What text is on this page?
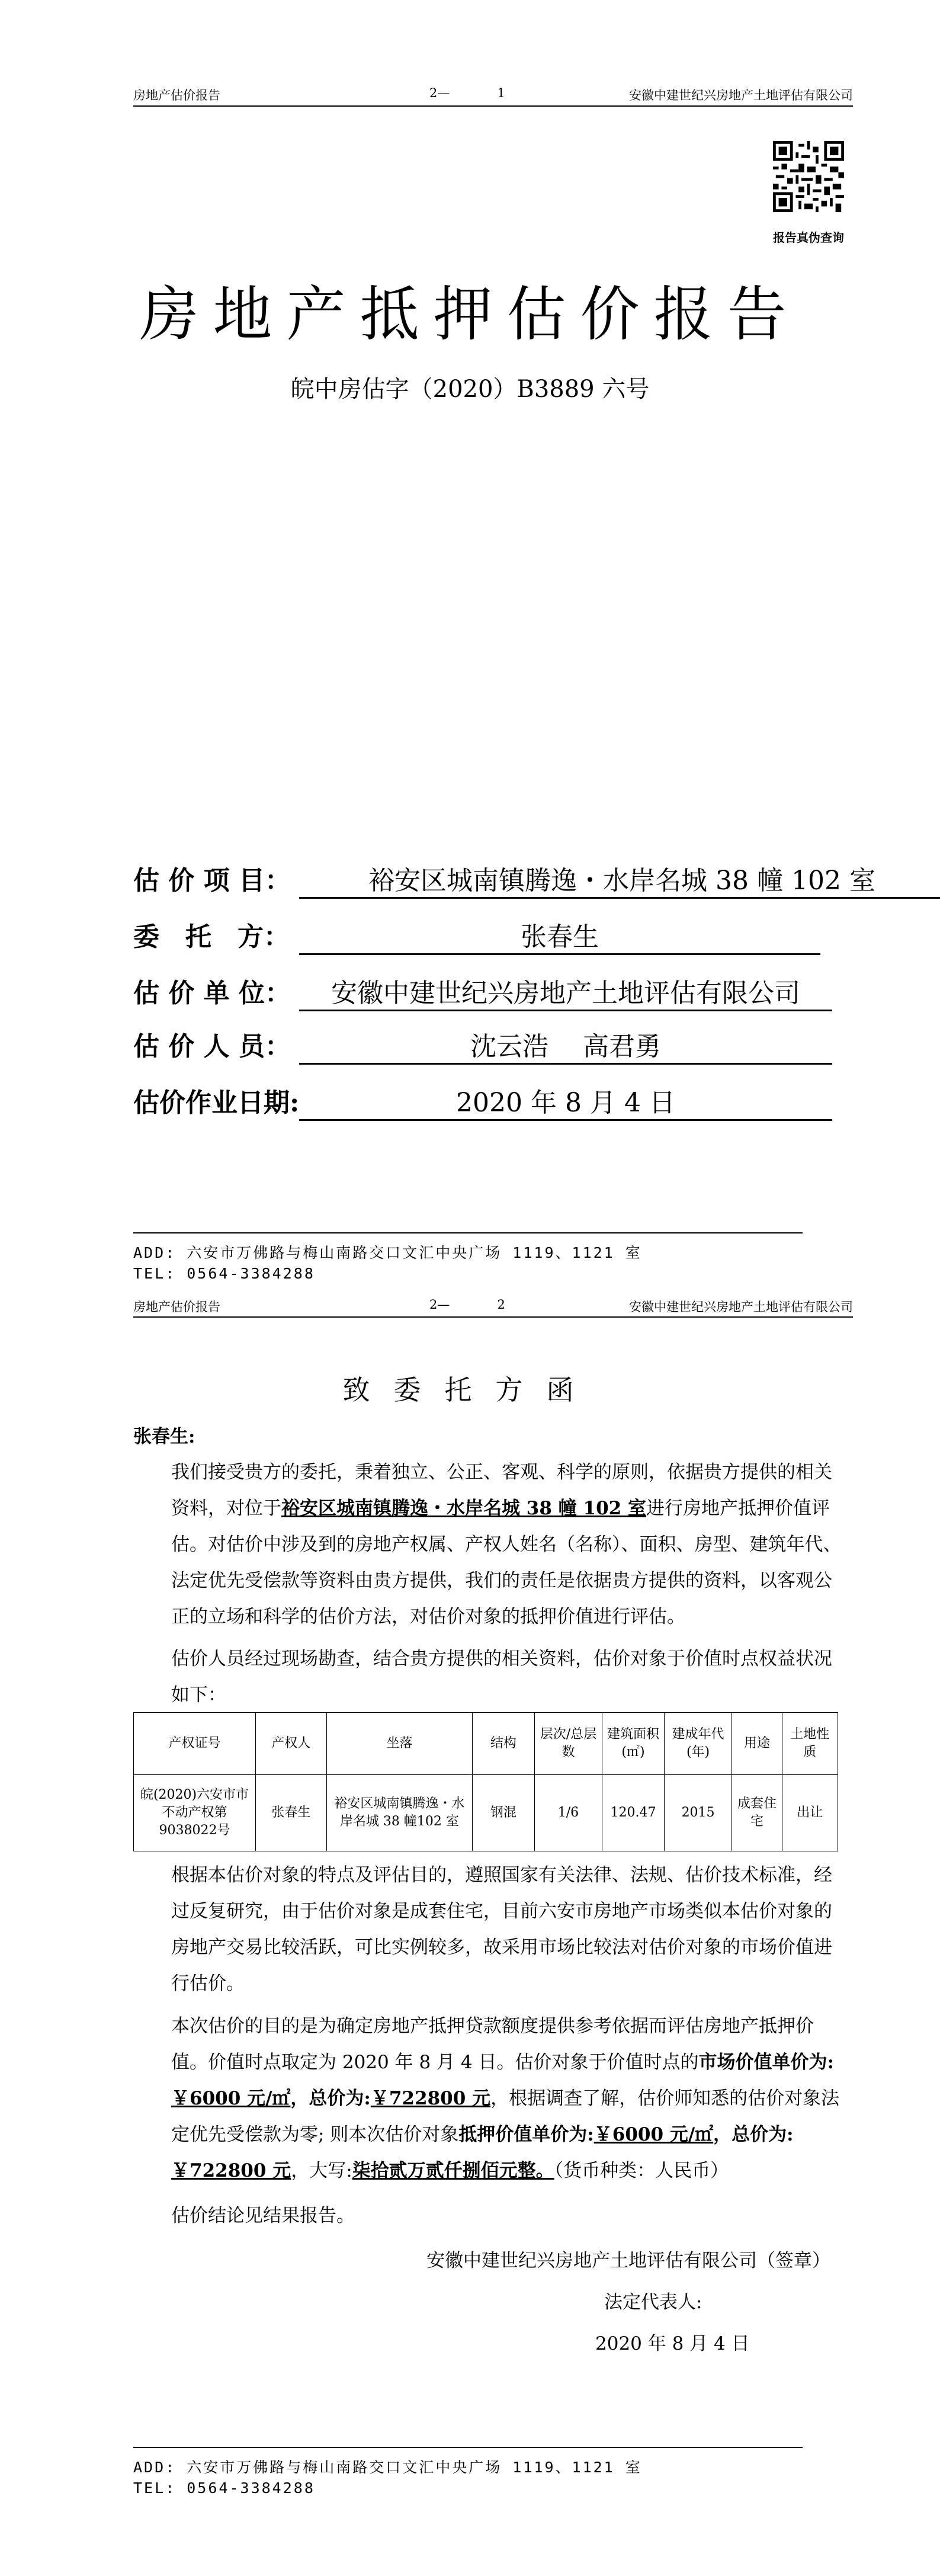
房地产估价报告	2—	1	安徽中建世纪兴房地产土地评估有限公司
报告真伪查询
房地产抵押估价报告
皖中房估字（2020）B3889 六号
估 价 项 目：	裕安区城南镇腾逸・水岸名城 38 幢 102 室
委　托　方：	张春生
估 价 单 位：	安徽中建世纪兴房地产土地评估有限公司
估 价 人 员：	沈云浩　 高君勇
估价作业日期:	2020 年 8 月 4 日
ADD: 六安市万佛路与梅山南路交口文汇中央广场 1119、1121 室
TEL: 0564-3384288
房地产估价报告	2—	2	安徽中建世纪兴房地产土地评估有限公司
致委托方函
张春生:
我们接受贵方的委托，秉着独立、公正、客观、科学的原则，依据贵方提供的相关资料，对位于裕安区城南镇腾逸・水岸名城 38 幢 102 室进行房地产抵押价值评估。对估价中涉及到的房地产权属、产权人姓名（名称）、面积、房型、建筑年代、法定优先受偿款等资料由贵方提供，我们的责任是依据贵方提供的资料，以客观公正的立场和科学的估价方法，对估价对象的抵押价值进行评估。
估价人员经过现场勘查，结合贵方提供的相关资料，估价对象于价值时点权益状况如下：
产权证号	产权人	坐落	结构	层次/总层数	建筑面积(㎡)	建成年代(年)	用途	土地性质
皖(2020)六安市市不动产权第9038022号	张春生	裕安区城南镇腾逸・水岸名城 38 幢102 室	钢混	1/6	120.47	2015	成套住宅	出让
根据本估价对象的特点及评估目的，遵照国家有关法律、法规、估价技术标准，经过反复研究，由于估价对象是成套住宅，目前六安市房地产市场类似本估价对象的房地产交易比较活跃，可比实例较多，故采用市场比较法对估价对象的市场价值进行估价。
本次估价的目的是为确定房地产抵押贷款额度提供参考依据而评估房地产抵押价值。价值时点取定为 2020 年 8 月 4 日。估价对象于价值时点的市场价值单价为:￥6000 元/㎡，总价为:￥722800 元，根据调查了解，估价师知悉的估价对象法定优先受偿款为零; 则本次估价对象抵押价值单价为:￥6000 元/㎡，总价为:￥722800 元，大写:柒拾贰万贰仟捌佰元整。（货币种类：人民币）
估价结论见结果报告。
安徽中建世纪兴房地产土地评估有限公司（签章）
法定代表人:
2020 年 8 月 4 日
ADD: 六安市万佛路与梅山南路交口文汇中央广场 1119、1121 室
TEL: 0564-3384288
